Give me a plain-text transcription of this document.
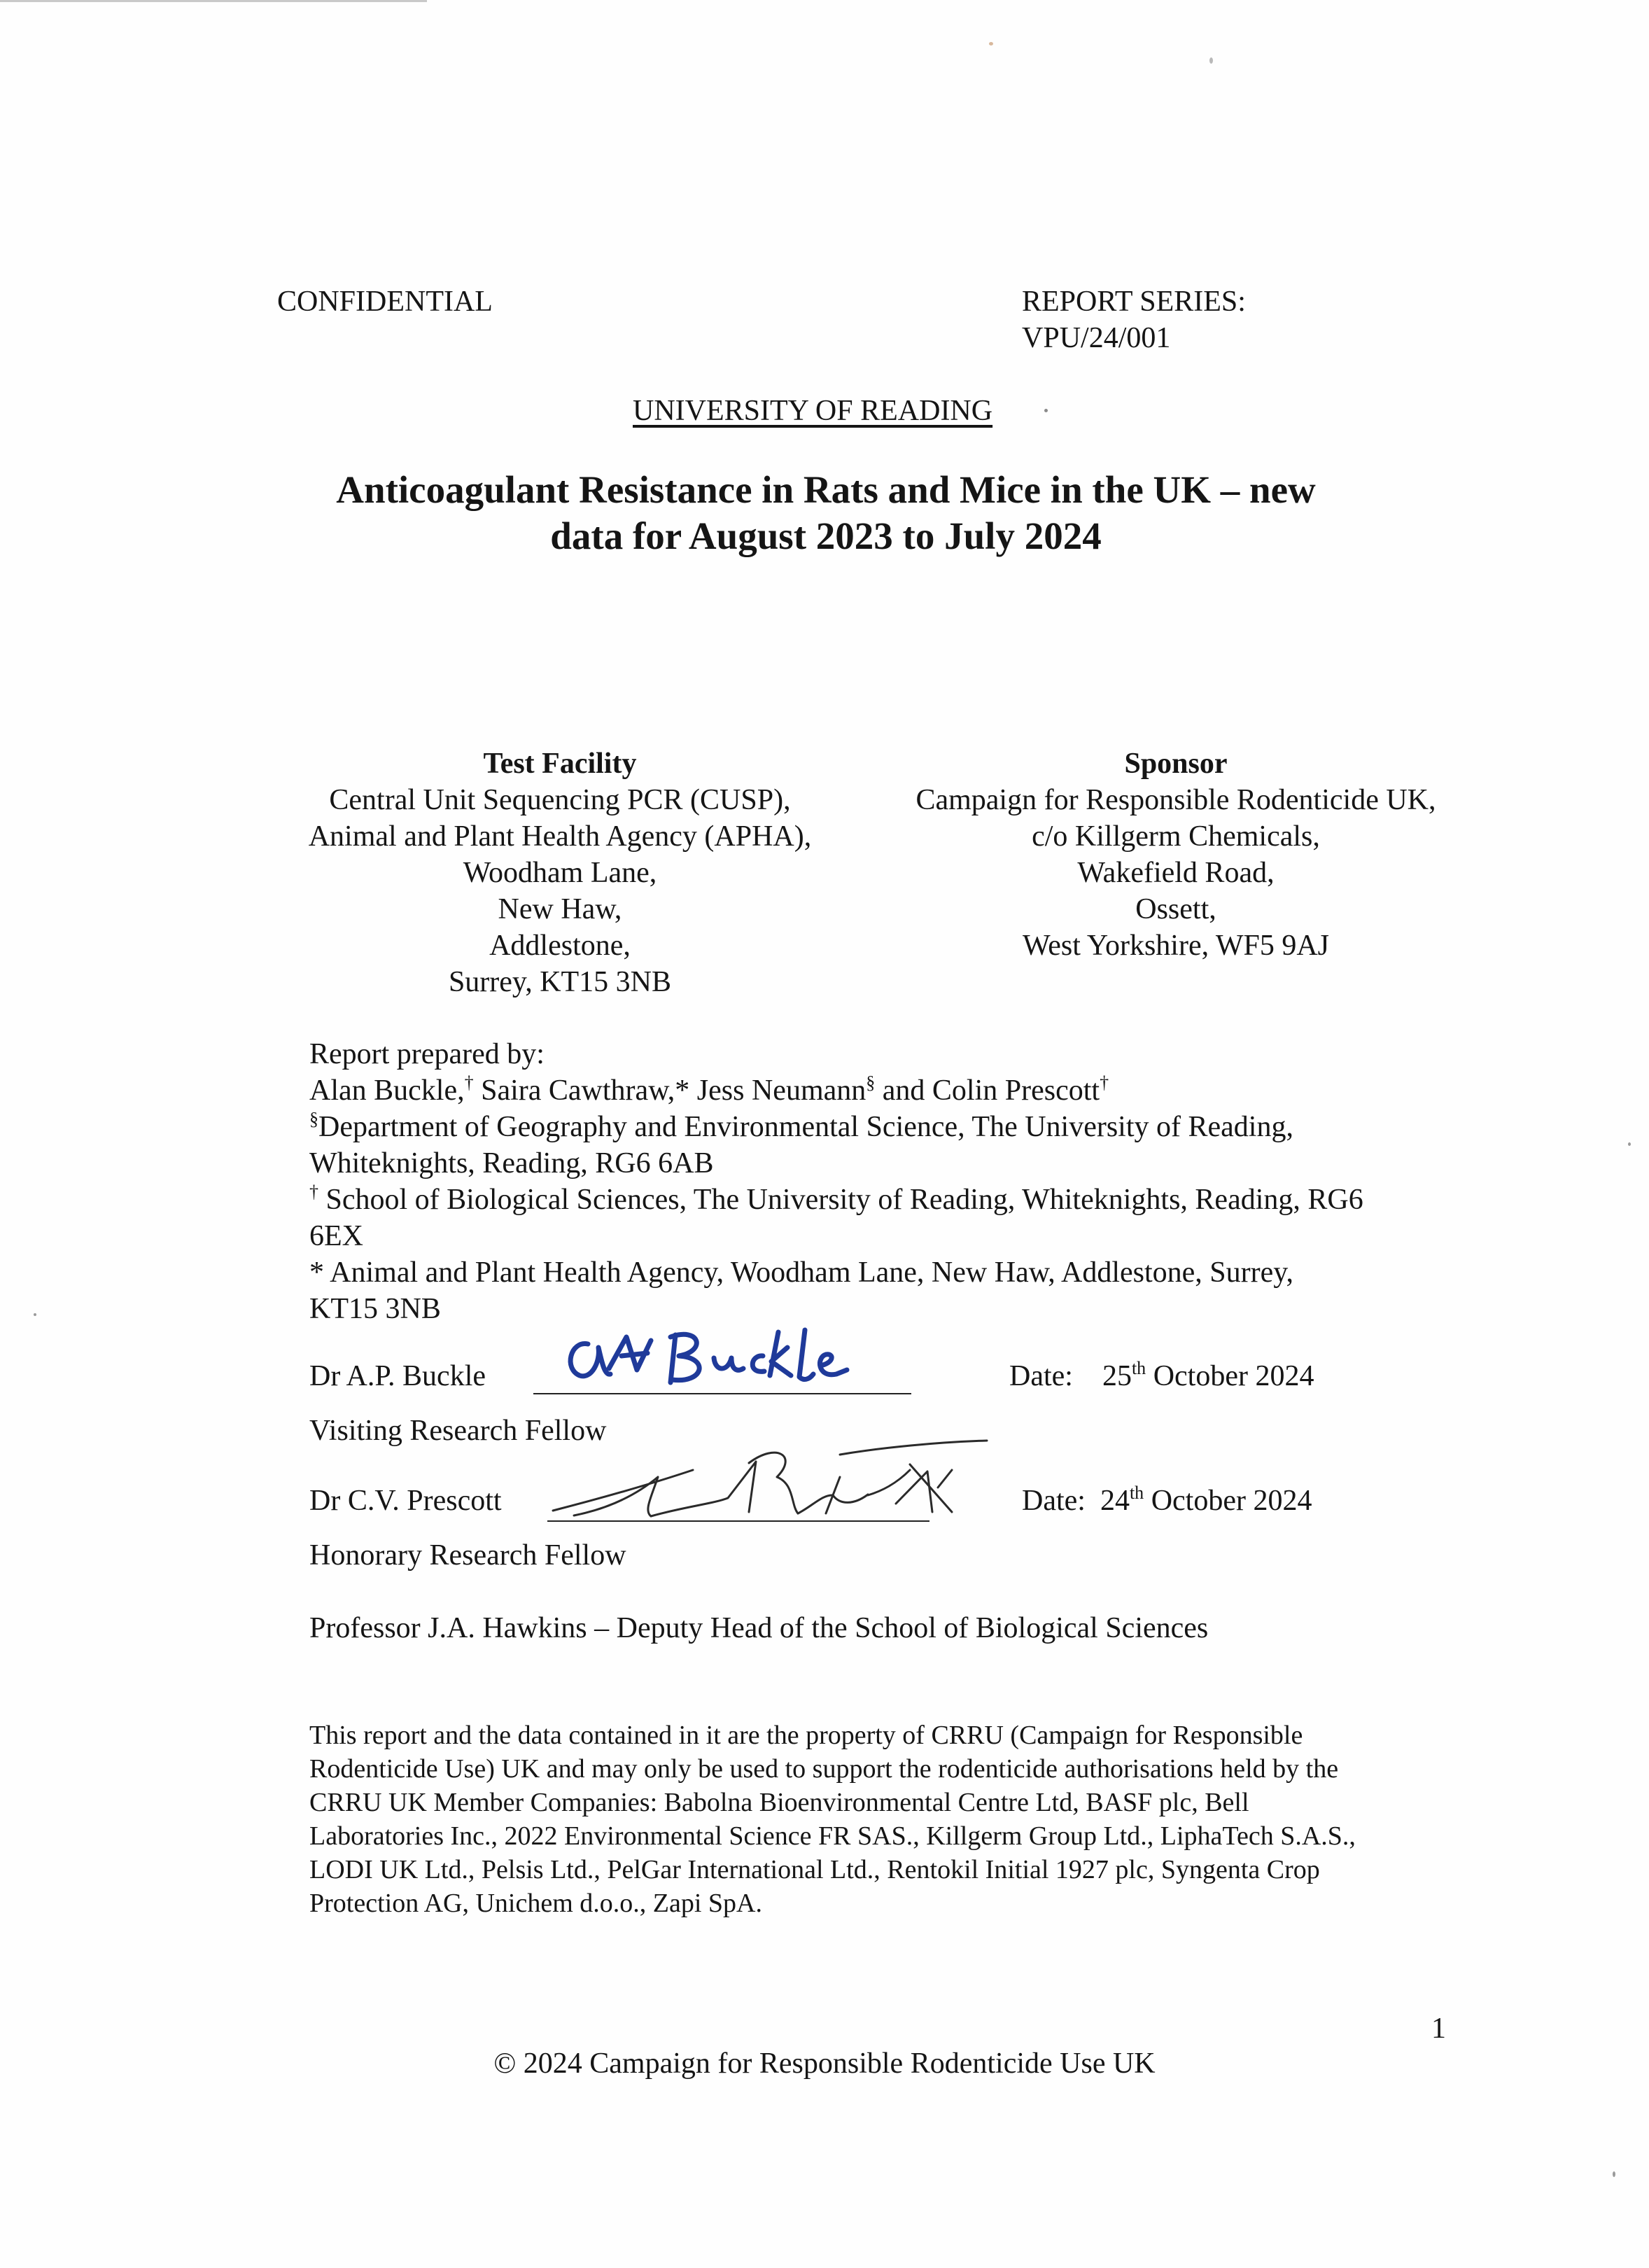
CONFIDENTIAL	REPORT SERIES:
VPU/24/001
UNIVERSITY OF READING
Anticoagulant Resistance in Rats and Mice in the UK – new
data for August 2023 to July 2024
Test Facility
Central Unit Sequencing PCR (CUSP),
Animal and Plant Health Agency (APHA),
Woodham Lane,
New Haw,
Addlestone,
Surrey, KT15 3NB
Sponsor
Campaign for Responsible Rodenticide UK,
c/o Killgerm Chemicals,
Wakefield Road,
Ossett,
West Yorkshire, WF5 9AJ
Report prepared by:
Alan Buckle,† Saira Cawthraw,* Jess Neumann§ and Colin Prescott†
§Department of Geography and Environmental Science, The University of Reading,
Whiteknights, Reading, RG6 6AB
† School of Biological Sciences, The University of Reading, Whiteknights, Reading, RG6
6EX
* Animal and Plant Health Agency, Woodham Lane, New Haw, Addlestone, Surrey,
KT15 3NB
Dr A.P. Buckle	Date: 25th October 2024
Visiting Research Fellow
Dr C.V. Prescott	Date: 24th October 2024
Honorary Research Fellow
Professor J.A. Hawkins – Deputy Head of the School of Biological Sciences
This report and the data contained in it are the property of CRRU (Campaign for Responsible
Rodenticide Use) UK and may only be used to support the rodenticide authorisations held by the
CRRU UK Member Companies: Babolna Bioenvironmental Centre Ltd, BASF plc, Bell
Laboratories Inc., 2022 Environmental Science FR SAS., Killgerm Group Ltd., LiphaTech S.A.S.,
LODI UK Ltd., Pelsis Ltd., PelGar International Ltd., Rentokil Initial 1927 plc, Syngenta Crop
Protection AG, Unichem d.o.o., Zapi SpA.
1
© 2024 Campaign for Responsible Rodenticide Use UK
